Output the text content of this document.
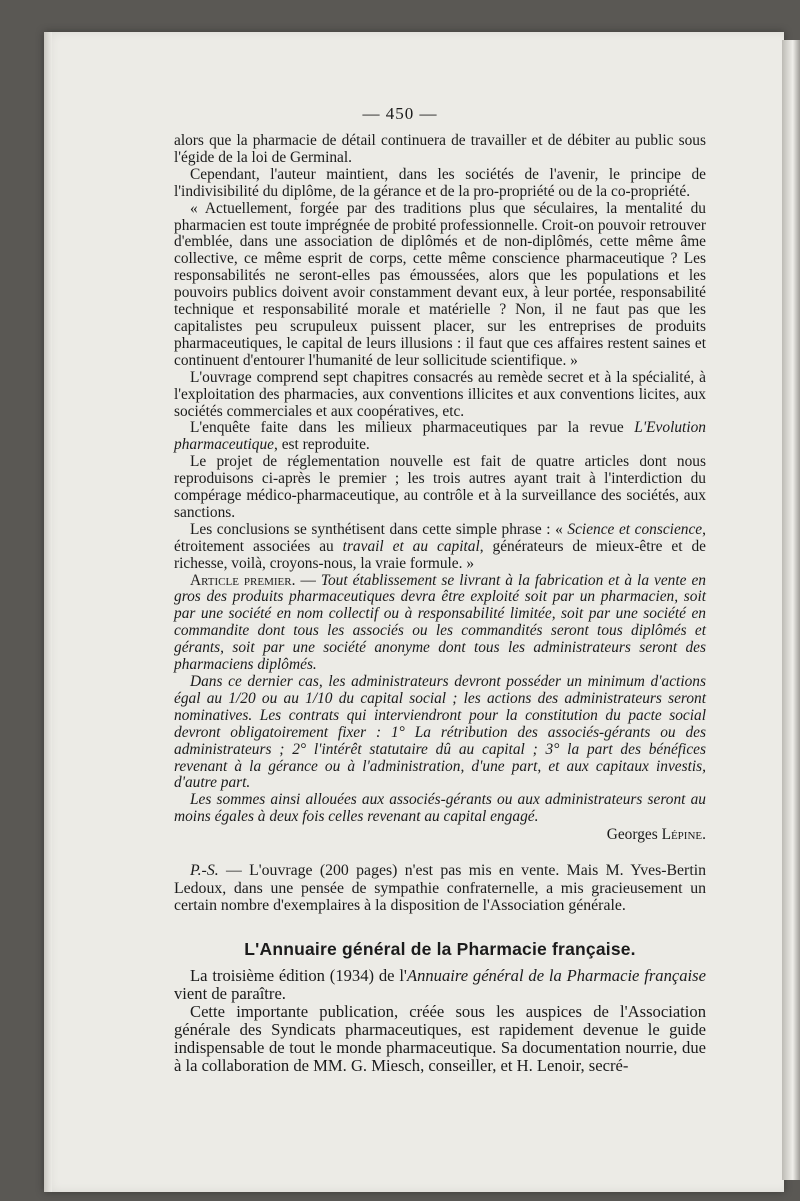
— 450 —

alors que la pharmacie de détail continuera de travailler et de débiter au public sous l'égide de la loi de Germinal.

Cependant, l'auteur maintient, dans les sociétés de l'avenir, le principe de l'indivisibilité du diplôme, de la gérance et de la pro-propriété ou de la co-propriété.

« Actuellement, forgée par des traditions plus que séculaires, la mentalité du pharmacien est toute imprégnée de probité professionnelle. Croit-on pouvoir retrouver d'emblée, dans une association de diplômés et de non-diplômés, cette même âme collective, ce même esprit de corps, cette même conscience pharmaceutique ? Les responsabilités ne seront-elles pas émoussées, alors que les populations et les pouvoirs publics doivent avoir constamment devant eux, à leur portée, responsabilité technique et responsabilité morale et matérielle ? Non, il ne faut pas que les capitalistes peu scrupuleux puissent placer, sur les entreprises de produits pharmaceutiques, le capital de leurs illusions : il faut que ces affaires restent saines et continuent d'entourer l'humanité de leur sollicitude scientifique. »

L'ouvrage comprend sept chapitres consacrés au remède secret et à la spécialité, à l'exploitation des pharmacies, aux conventions illicites et aux conventions licites, aux sociétés commerciales et aux coopératives, etc.

L'enquête faite dans les milieux pharmaceutiques par la revue L'Evolution pharmaceutique, est reproduite.

Le projet de réglementation nouvelle est fait de quatre articles dont nous reproduisons ci-après le premier ; les trois autres ayant trait à l'interdiction du compérage médico-pharmaceutique, au contrôle et à la surveillance des sociétés, aux sanctions.

Les conclusions se synthétisent dans cette simple phrase : « Science et conscience, étroitement associées au travail et au capital, générateurs de mieux-être et de richesse, voilà, croyons-nous, la vraie formule. »

Article premier. — Tout établissement se livrant à la fabrication et à la vente en gros des produits pharmaceutiques devra être exploité soit par un pharmacien, soit par une société en nom collectif ou à responsabilité limitée, soit par une société en commandite dont tous les associés ou les commandités seront tous diplômés et gérants, soit par une société anonyme dont tous les administrateurs seront des pharmaciens diplômés.

Dans ce dernier cas, les administrateurs devront posséder un minimum d'actions égal au 1/20 ou au 1/10 du capital social ; les actions des administrateurs seront nominatives. Les contrats qui interviendront pour la constitution du pacte social devront obligatoirement fixer : 1° La rétribution des associés-gérants ou des administrateurs ; 2° l'intérêt statutaire dû au capital ; 3° la part des bénéfices revenant à la gérance ou à l'administration, d'une part, et aux capitaux investis, d'autre part.

Les sommes ainsi allouées aux associés-gérants ou aux administrateurs seront au moins égales à deux fois celles revenant au capital engagé.

Georges Lépine.

P.-S. — L'ouvrage (200 pages) n'est pas mis en vente. Mais M. Yves-Bertin Ledoux, dans une pensée de sympathie confraternelle, a mis gracieusement un certain nombre d'exemplaires à la disposition de l'Association générale.

L'Annuaire général de la Pharmacie française.

La troisième édition (1934) de l'Annuaire général de la Pharmacie française vient de paraître.

Cette importante publication, créée sous les auspices de l'Association générale des Syndicats pharmaceutiques, est rapidement devenue le guide indispensable de tout le monde pharmaceutique. Sa documentation nourrie, due à la collaboration de MM. G. Miesch, conseiller, et H. Lenoir, secré-
